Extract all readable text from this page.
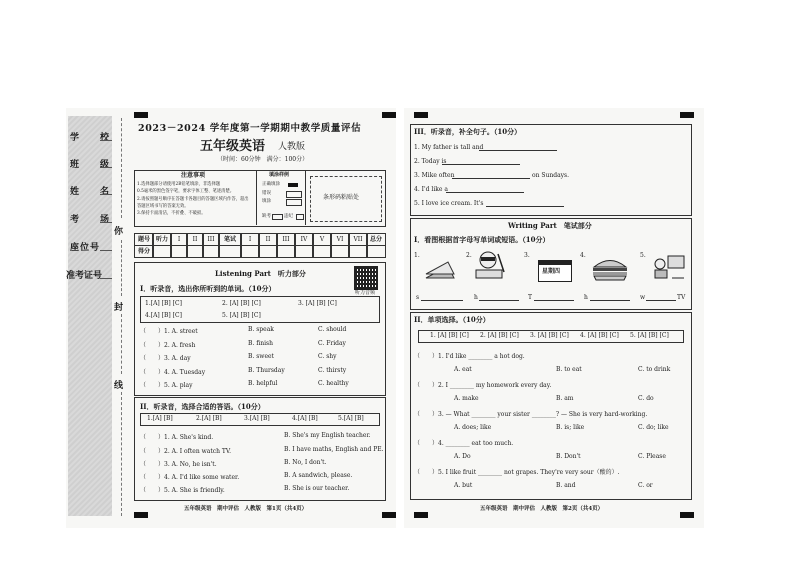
学　校
班　级
姓　名
考　场
座位号
准考证号
你
封
线
2023－2024 学年度第一学期期中教学质量评估
五年级英语 人教版
（时间：60分钟　满分：100分）
注意事项
1.选择题部分请使用2B铅笔填涂，非选择题
0.5毫米的黑色签字笔，要求字体工整、笔迹清楚。
2.请按照题号顺序在答题卡各题目的答题区域内作答，超出
答题区域书写的答案无效。
3.保持卡面清洁，不折叠、不破损。
填涂样例
正确填涂
错误
填涂
缺考	违纪
条形码粘贴处
题号 听力	I	II	III	笔试	I	II	III	IV	V	VI	VII	总分
得分
Listening Part　听力部分
听力音频
I．听录音，选出你所听到的单词。（10分）
1.[A] [B] [C]	2. [A] [B] [C]	3. [A] [B] [C]
4.[A] [B] [C]	5. [A] [B] [C]
（　　）1. A. street	B. speak	C. should
（　　）2. A. fresh	B. finish	C. Friday
（　　）3. A. day	B. sweet	C. shy
（　　）4. A. Tuesday	B. Thursday	C. thirsty
（　　）5. A. play	B. helpful	C. healthy
II．听录音，选择合适的答语。（10分）
1.[A] [B]	2.[A] [B]	3.[A] [B]	4.[A] [B]	5.[A] [B]
（　　）1. A. She's kind.	B. She's my English teacher.
（　　）2. A. I often watch TV.	B. I have maths, English and PE.
（　　）3. A. No, he isn't.	B. No, I don't.
（　　）4. A. I'd like some water.	B. A sandwich, please.
（　　）5. A. She is friendly.	B. She is our teacher.
五年级英语　期中评估　人教版　第1页（共4页）
III．听录音，补全句子。（10分）
1. My father is tall and
2. Today is
3. Mike often	on Sundays.
4. I'd like a
5. I love ice cream. It's
Writing Part　笔试部分
I．看图根据首字母写单词或短语。（10分）
1.	2.	3.	4.	5.
星期四
s	h	T	h	w	TV
II．单项选择。（10分）
1. [A] [B] [C] 2. [A] [B] [C] 3. [A] [B] [C] 4. [A] [B] [C] 5. [A] [B] [C]
（　　）1. I'd like ________ a hot dog.
A. eat	B. to eat	C. to drink
（　　）2. I ________ my homework every day.
A. make	B. am	C. do
（　　）3. — What ________ your sister ________? — She is very hard-working.
A. does; like	B. is; like	C. do; like
（　　）4. ________ eat too much.
A. Do	B. Don't	C. Please
（　　）5. I like fruit ________ not grapes. They're very sour（酸的）.
A. but	B. and	C. or
五年级英语　期中评估　人教版　第2页（共4页）
